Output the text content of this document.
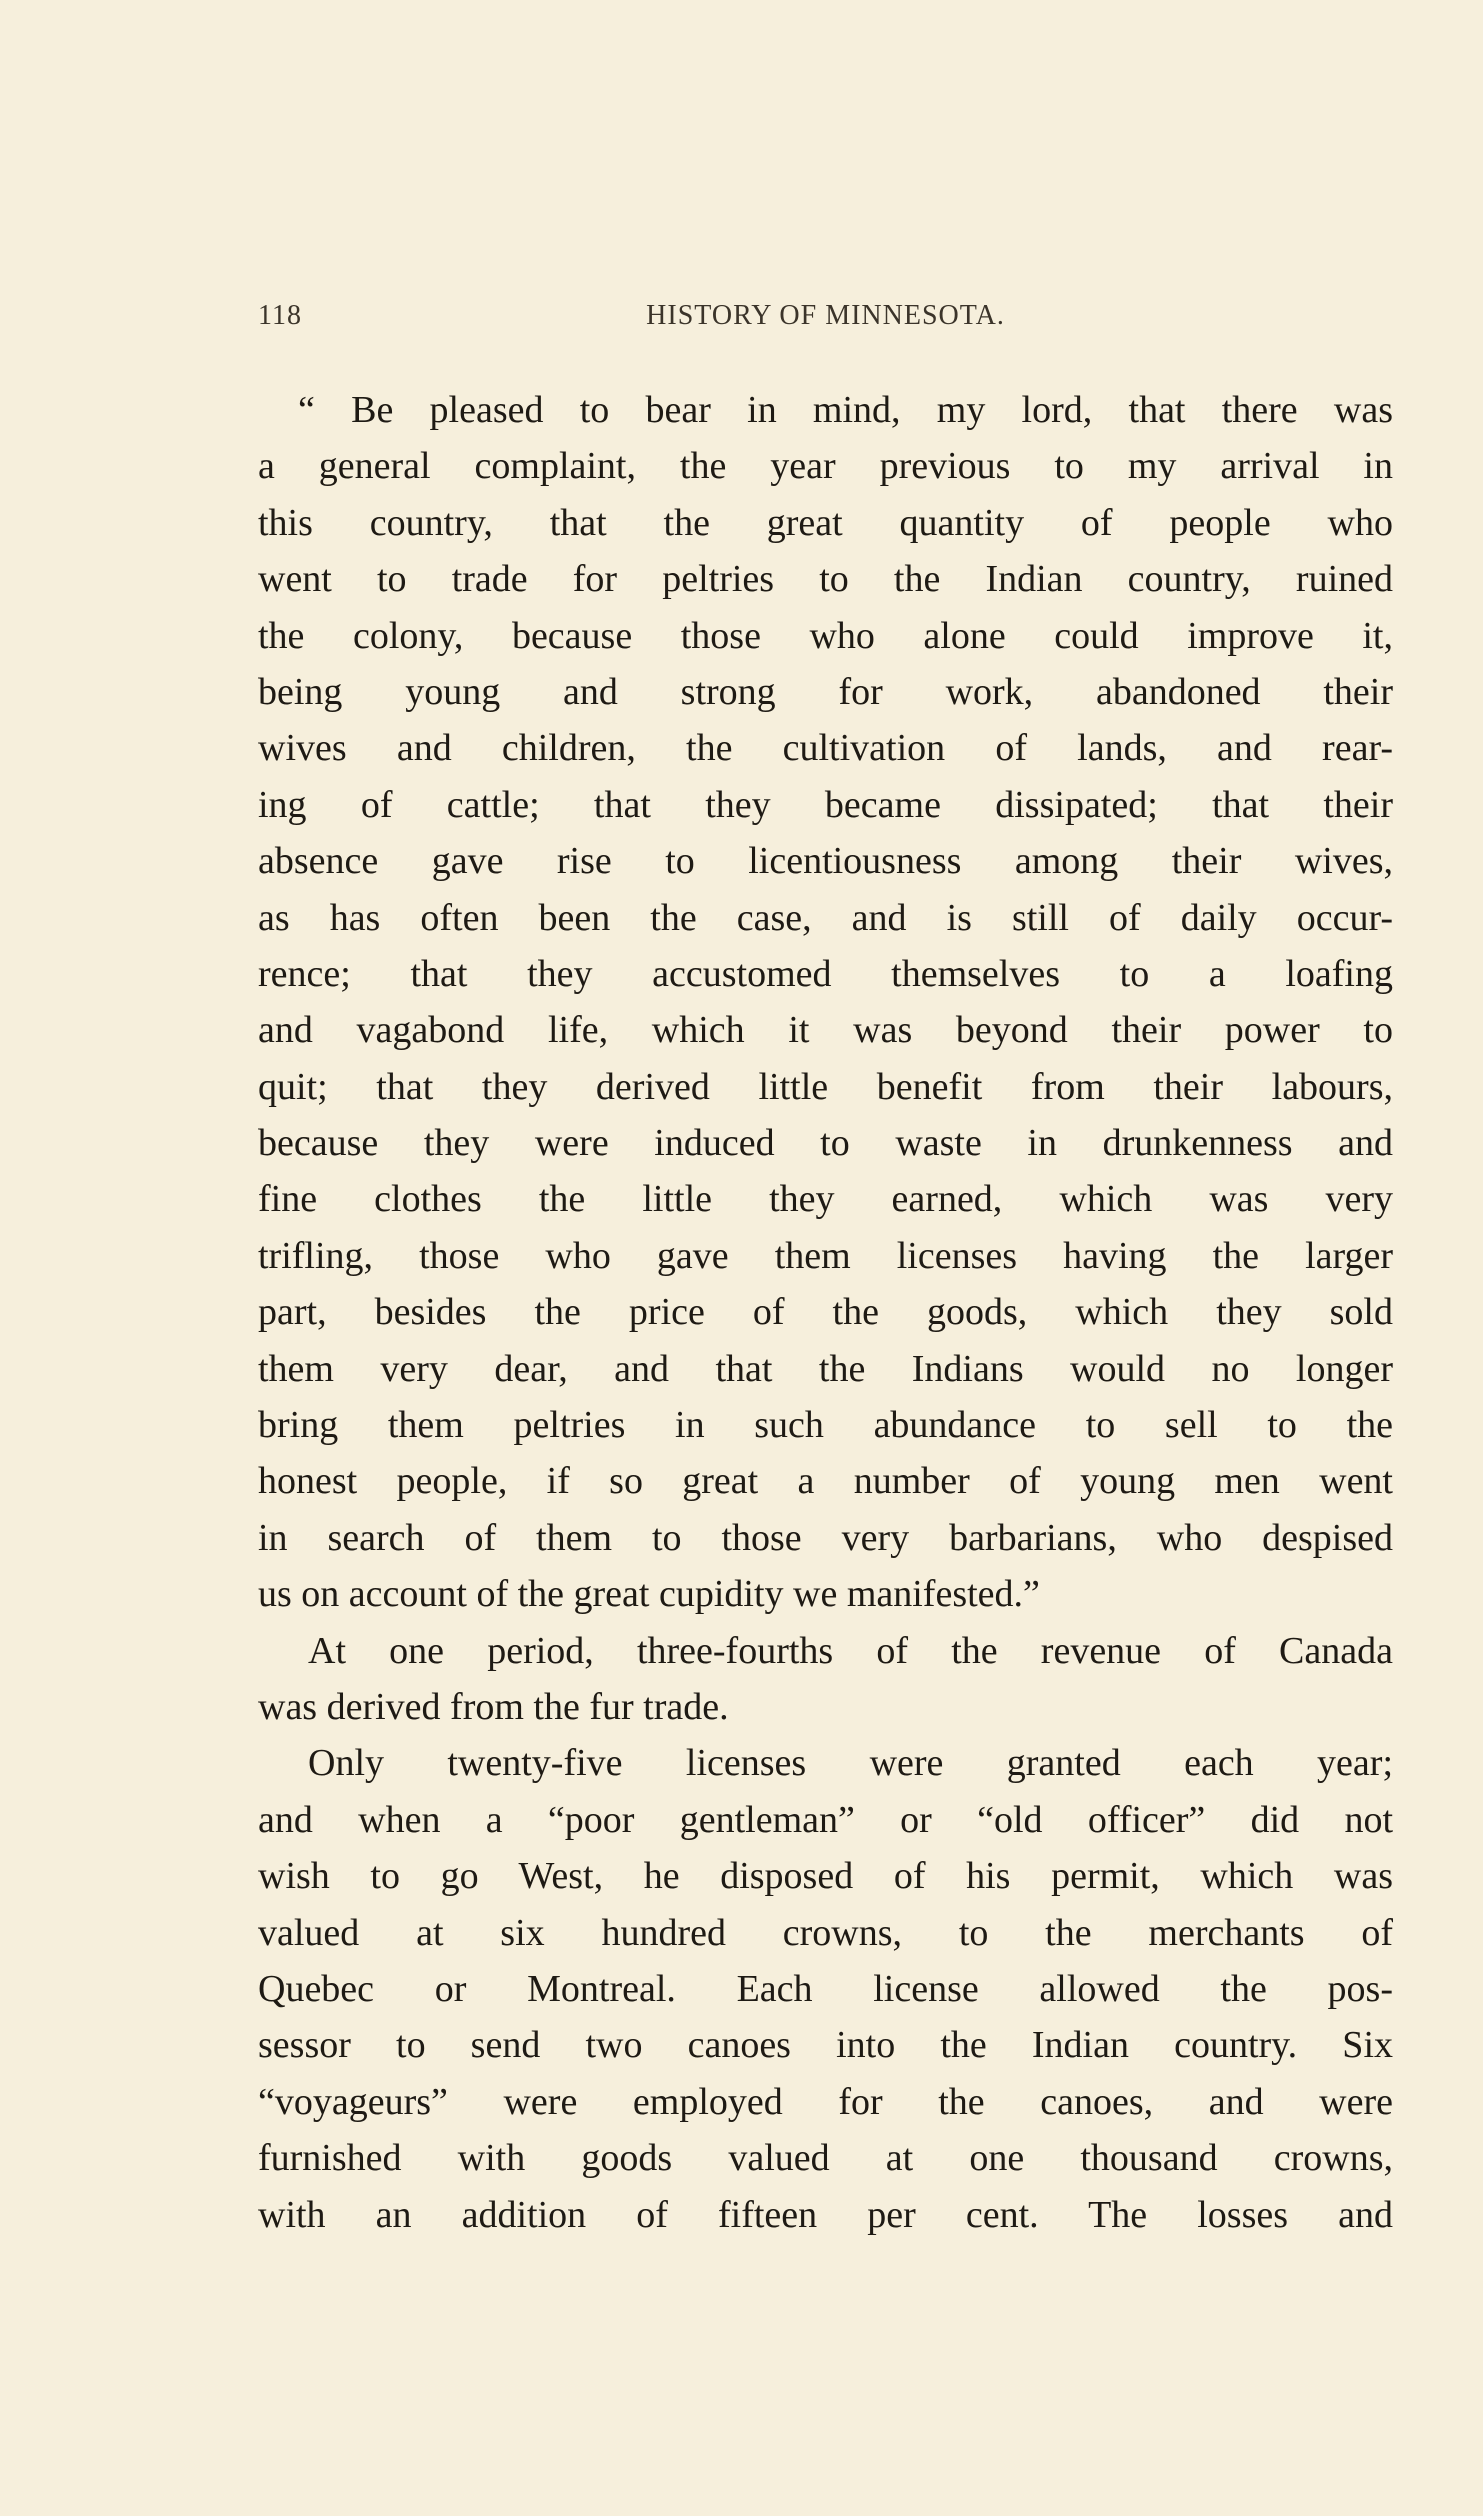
118	HISTORY OF MINNESOTA.
“ Be pleased to bear in mind, my lord, that there was
a general complaint, the year previous to my arrival in
this country, that the great quantity of people who
went to trade for peltries to the Indian country, ruined
the colony, because those who alone could improve it,
being young and strong for work, abandoned their
wives and children, the cultivation of lands, and rear-
ing of cattle; that they became dissipated; that their
absence gave rise to licentiousness among their wives,
as has often been the case, and is still of daily occur-
rence; that they accustomed themselves to a loafing
and vagabond life, which it was beyond their power to
quit; that they derived little benefit from their labours,
because they were induced to waste in drunkenness and
fine clothes the little they earned, which was very
trifling, those who gave them licenses having the larger
part, besides the price of the goods, which they sold
them very dear, and that the Indians would no longer
bring them peltries in such abundance to sell to the
honest people, if so great a number of young men went
in search of them to those very barbarians, who despised
us on account of the great cupidity we manifested.”
At one period, three-fourths of the revenue of Canada
was derived from the fur trade.
Only twenty-five licenses were granted each year;
and when a “poor gentleman” or “old officer” did not
wish to go West, he disposed of his permit, which was
valued at six hundred crowns, to the merchants of
Quebec or Montreal. Each license allowed the pos-
sessor to send two canoes into the Indian country. Six
“voyageurs” were employed for the canoes, and were
furnished with goods valued at one thousand crowns,
with an addition of fifteen per cent. The losses and
